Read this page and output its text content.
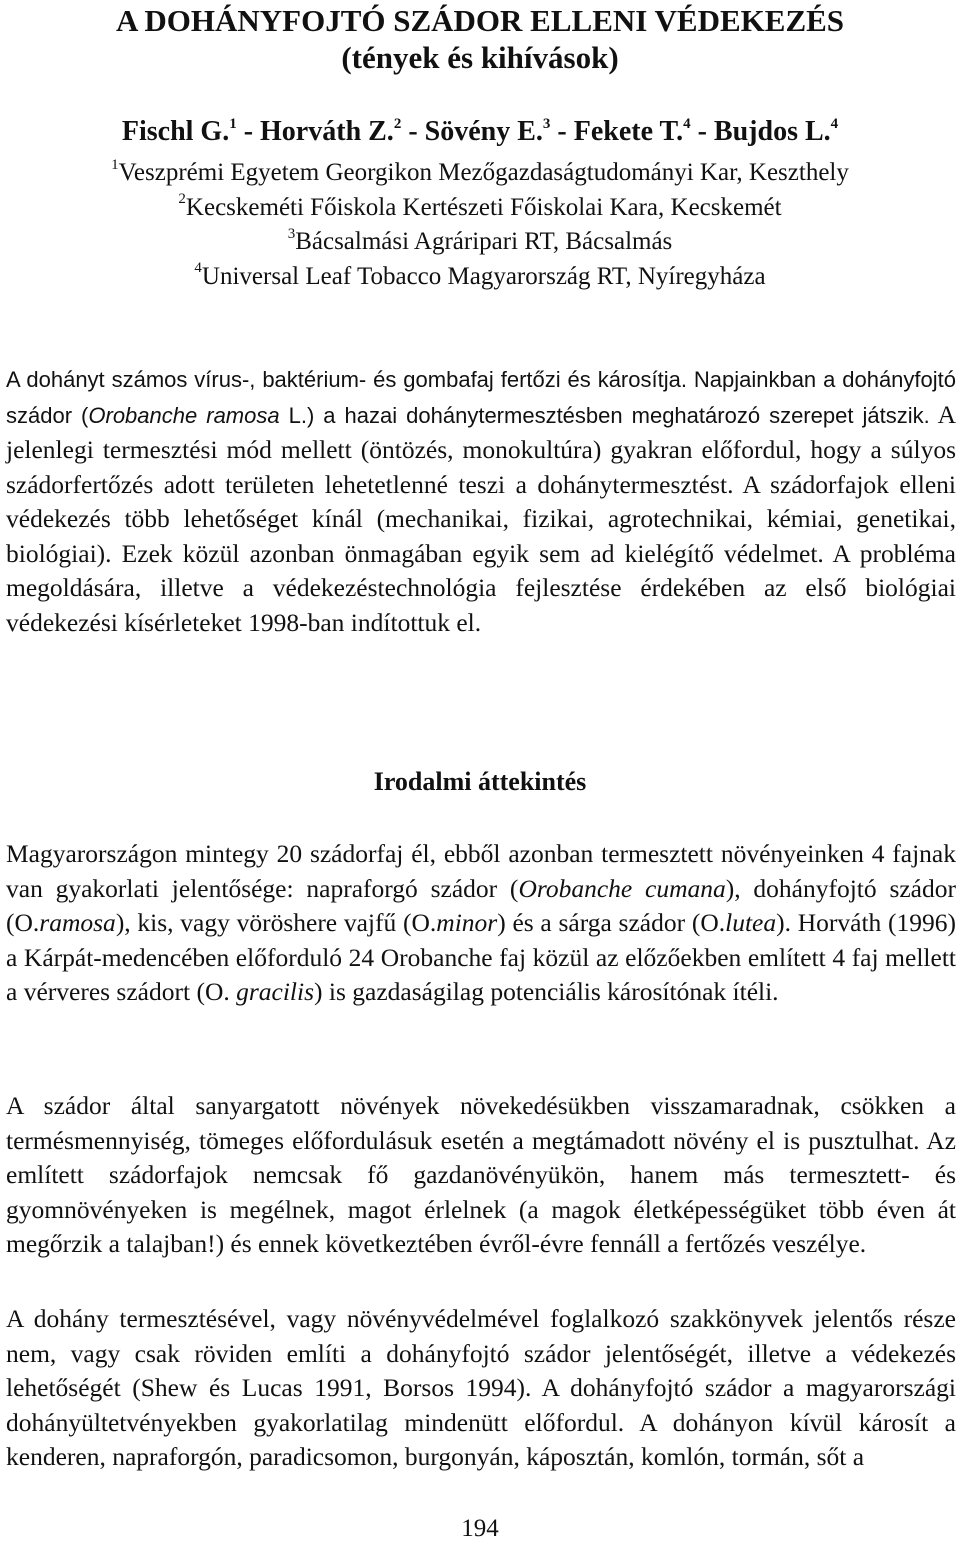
A DOHÁNYFOJTÓ SZÁDOR ELLENI VÉDEKEZÉS
(tények és kihívások)
Fischl G.$^1$ - Horváth Z.$^2$ - Sövény E.$^3$ - Fekete T.$^4$ - Bujdos L.$^4$
$^1$Veszprémi Egyetem Georgikon Mezőgazdaságtudományi Kar, Keszthely
$^2$Kecskeméti Főiskola Kertészeti Főiskolai Kara, Kecskemét
$^3$Bácsalmási Agráripari RT, Bácsalmás
$^4$Universal Leaf Tobacco Magyarország RT, Nyíregyháza

A dohányt számos vírus-, baktérium- és gombafaj fertőzi és károsítja. Napjainkban a dohányfojtó szádor (Orobanche ramosa L.) a hazai dohánytermesztésben meghatározó szerepet játszik. A jelenlegi termesztési mód mellett (öntözés, monokultúra) gyakran előfordul, hogy a súlyos szádorfertőzés adott területen lehetetlenné teszi a dohánytermesztést. A szádorfajok elleni védekezés több lehetőséget kínál (mechanikai, fizikai, agrotechnikai, kémiai, genetikai, biológiai). Ezek közül azonban önmagában egyik sem ad kielégítő védelmet. A probléma megoldására, illetve a védekezéstechnológia fejlesztése érdekében az első biológiai védekezési kísérleteket 1998-ban indítottuk el.

Irodalmi áttekintés

Magyarországon mintegy 20 szádorfaj él, ebből azonban termesztett növényeinken 4 fajnak van gyakorlati jelentősége: napraforgó szádor (Orobanche cumana), dohányfojtó szádor (O.ramosa), kis, vagy vöröshere vajfű (O.minor) és a sárga szádor (O.lutea). Horváth (1996) a Kárpát-medencében előforduló 24 Orobanche faj közül az előzőekben említett 4 faj mellett a vérveres szádort (O. gracilis) is gazdaságilag potenciális károsítónak ítéli.

A szádor által sanyargatott növények növekedésükben visszamaradnak, csökken a termésmennyiség, tömeges előfordulásuk esetén a megtámadott növény el is pusztulhat. Az említett szádorfajok nemcsak fő gazdanövényükön, hanem más termesztett- és gyomnövényeken is megélnek, magot érlelnek (a magok életképességüket több éven át megőrzik a talajban!) és ennek következtében évről-évre fennáll a fertőzés veszélye.

A dohány termesztésével, vagy növényvédelmével foglalkozó szakkönyvek jelentős része nem, vagy csak röviden említi a dohányfojtó szádor jelentőségét, illetve a védekezés lehetőségét (Shew és Lucas 1991, Borsos 1994). A dohányfojtó szádor a magyarországi dohányültetvényekben gyakorlatilag mindenütt előfordul. A dohányon kívül károsít a kenderen, napraforgón, paradicsomon, burgonyán, káposztán, komlón, tormán, sőt a

194
